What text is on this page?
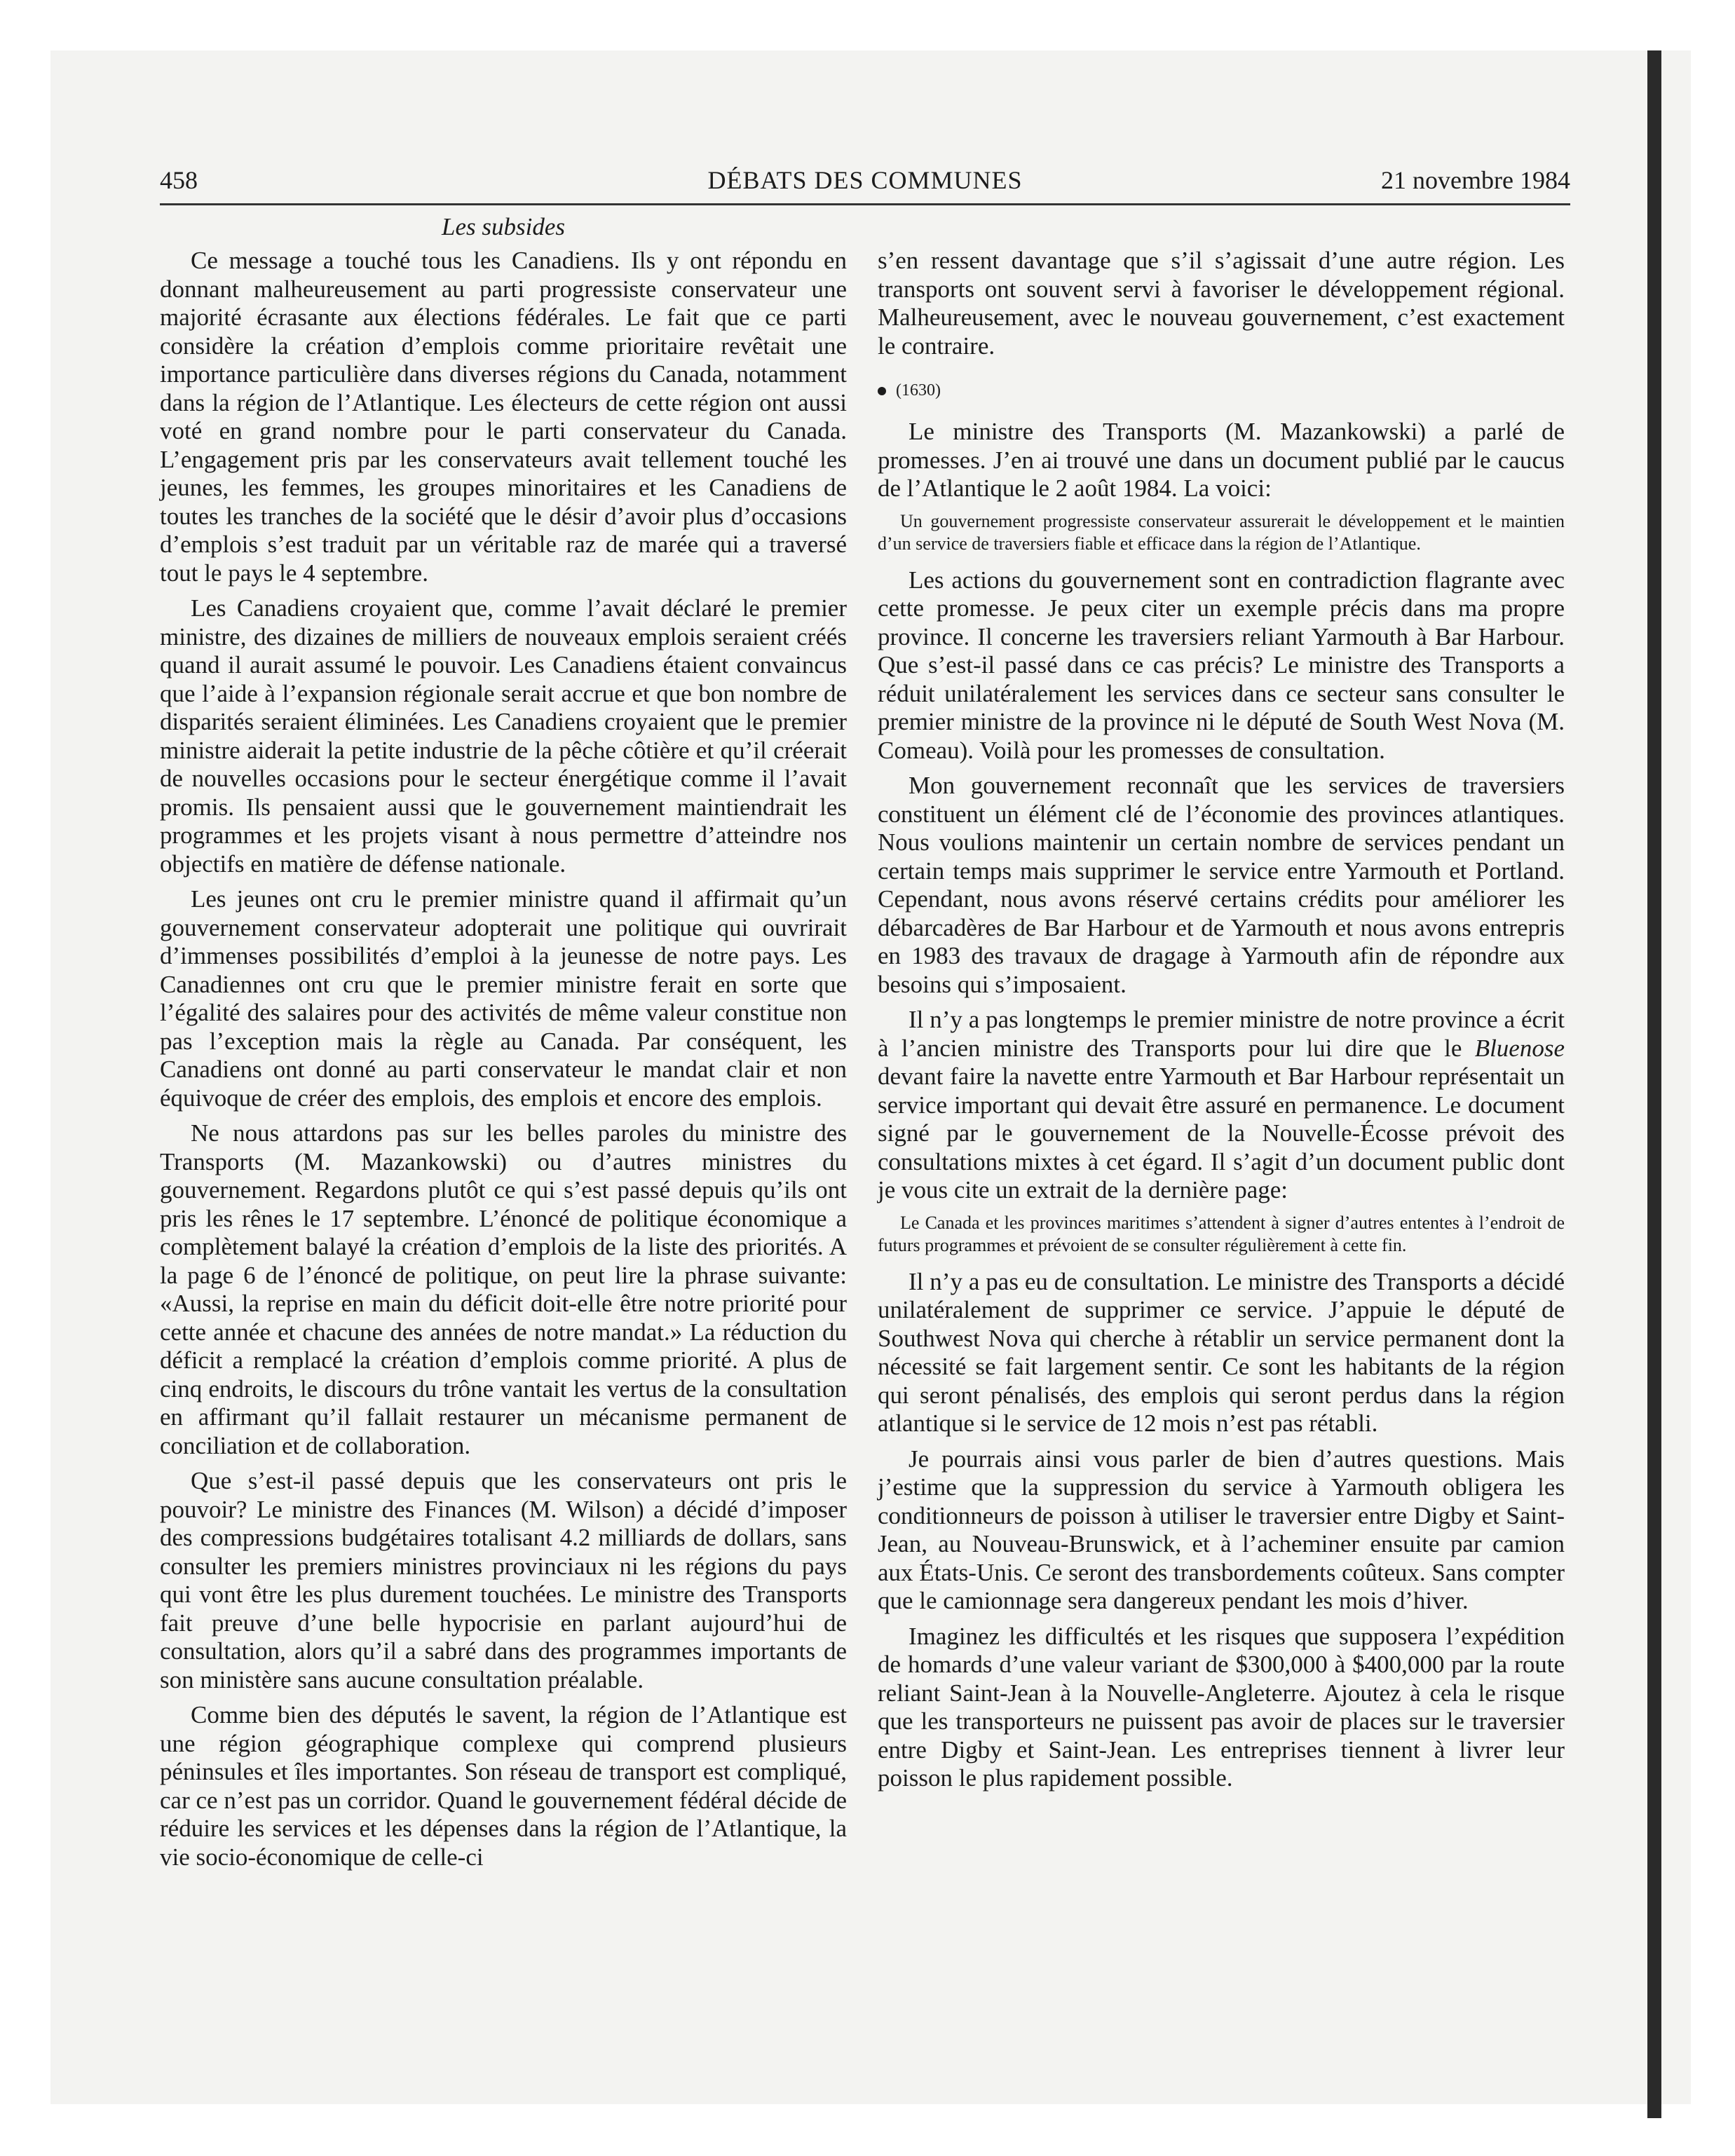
458	DÉBATS DES COMMUNES	21 novembre 1984
Les subsides

Ce message a touché tous les Canadiens. Ils y ont répondu en donnant malheureusement au parti progressiste conservateur une majorité écrasante aux élections fédérales. Le fait que ce parti considère la création d’emplois comme prioritaire revêtait une importance particulière dans diverses régions du Canada, notamment dans la région de l’Atlantique. Les électeurs de cette région ont aussi voté en grand nombre pour le parti conservateur du Canada. L’engagement pris par les conservateurs avait tellement touché les jeunes, les femmes, les groupes minoritaires et les Canadiens de toutes les tranches de la société que le désir d’avoir plus d’occasions d’emplois s’est traduit par un véritable raz de marée qui a traversé tout le pays le 4 septembre.

Les Canadiens croyaient que, comme l’avait déclaré le premier ministre, des dizaines de milliers de nouveaux emplois seraient créés quand il aurait assumé le pouvoir. Les Canadiens étaient convaincus que l’aide à l’expansion régionale serait accrue et que bon nombre de disparités seraient éliminées. Les Canadiens croyaient que le premier ministre aiderait la petite industrie de la pêche côtière et qu’il créerait de nouvelles occasions pour le secteur énergétique comme il l’avait promis. Ils pensaient aussi que le gouvernement maintiendrait les programmes et les projets visant à nous permettre d’atteindre nos objectifs en matière de défense nationale.

Les jeunes ont cru le premier ministre quand il affirmait qu’un gouvernement conservateur adopterait une politique qui ouvrirait d’immenses possibilités d’emploi à la jeunesse de notre pays. Les Canadiennes ont cru que le premier ministre ferait en sorte que l’égalité des salaires pour des activités de même valeur constitue non pas l’exception mais la règle au Canada. Par conséquent, les Canadiens ont donné au parti conservateur le mandat clair et non équivoque de créer des emplois, des emplois et encore des emplois.

Ne nous attardons pas sur les belles paroles du ministre des Transports (M. Mazankowski) ou d’autres ministres du gouvernement. Regardons plutôt ce qui s’est passé depuis qu’ils ont pris les rênes le 17 septembre. L’énoncé de politique économique a complètement balayé la création d’emplois de la liste des priorités. A la page 6 de l’énoncé de politique, on peut lire la phrase suivante: «Aussi, la reprise en main du déficit doit-elle être notre priorité pour cette année et chacune des années de notre mandat.» La réduction du déficit a remplacé la création d’emplois comme priorité. A plus de cinq endroits, le discours du trône vantait les vertus de la consultation en affirmant qu’il fallait restaurer un mécanisme permanent de conciliation et de collaboration.

Que s’est-il passé depuis que les conservateurs ont pris le pouvoir? Le ministre des Finances (M. Wilson) a décidé d’imposer des compressions budgétaires totalisant 4.2 milliards de dollars, sans consulter les premiers ministres provinciaux ni les régions du pays qui vont être les plus durement touchées. Le ministre des Transports fait preuve d’une belle hypocrisie en parlant aujourd’hui de consultation, alors qu’il a sabré dans des programmes importants de son ministère sans aucune consultation préalable.

Comme bien des députés le savent, la région de l’Atlantique est une région géographique complexe qui comprend plusieurs péninsules et îles importantes. Son réseau de transport est compliqué, car ce n’est pas un corridor. Quand le gouvernement fédéral décide de réduire les services et les dépenses dans la région de l’Atlantique, la vie socio-économique de celle-ci

s’en ressent davantage que s’il s’agissait d’une autre région. Les transports ont souvent servi à favoriser le développement régional. Malheureusement, avec le nouveau gouvernement, c’est exactement le contraire.

(1630)

Le ministre des Transports (M. Mazankowski) a parlé de promesses. J’en ai trouvé une dans un document publié par le caucus de l’Atlantique le 2 août 1984. La voici:

Un gouvernement progressiste conservateur assurerait le développement et le maintien d’un service de traversiers fiable et efficace dans la région de l’Atlantique.

Les actions du gouvernement sont en contradiction flagrante avec cette promesse. Je peux citer un exemple précis dans ma propre province. Il concerne les traversiers reliant Yarmouth à Bar Harbour. Que s’est-il passé dans ce cas précis? Le ministre des Transports a réduit unilatéralement les services dans ce secteur sans consulter le premier ministre de la province ni le député de South West Nova (M. Comeau). Voilà pour les promesses de consultation.

Mon gouvernement reconnaît que les services de traversiers constituent un élément clé de l’économie des provinces atlantiques. Nous voulions maintenir un certain nombre de services pendant un certain temps mais supprimer le service entre Yarmouth et Portland. Cependant, nous avons réservé certains crédits pour améliorer les débarcadères de Bar Harbour et de Yarmouth et nous avons entrepris en 1983 des travaux de dragage à Yarmouth afin de répondre aux besoins qui s’imposaient.

Il n’y a pas longtemps le premier ministre de notre province a écrit à l’ancien ministre des Transports pour lui dire que le Bluenose devant faire la navette entre Yarmouth et Bar Harbour représentait un service important qui devait être assuré en permanence. Le document signé par le gouvernement de la Nouvelle-Écosse prévoit des consultations mixtes à cet égard. Il s’agit d’un document public dont je vous cite un extrait de la dernière page:

Le Canada et les provinces maritimes s’attendent à signer d’autres ententes à l’endroit de futurs programmes et prévoient de se consulter régulièrement à cette fin.

Il n’y a pas eu de consultation. Le ministre des Transports a décidé unilatéralement de supprimer ce service. J’appuie le député de Southwest Nova qui cherche à rétablir un service permanent dont la nécessité se fait largement sentir. Ce sont les habitants de la région qui seront pénalisés, des emplois qui seront perdus dans la région atlantique si le service de 12 mois n’est pas rétabli.

Je pourrais ainsi vous parler de bien d’autres questions. Mais j’estime que la suppression du service à Yarmouth obligera les conditionneurs de poisson à utiliser le traversier entre Digby et Saint-Jean, au Nouveau-Brunswick, et à l’acheminer ensuite par camion aux États-Unis. Ce seront des transbordements coûteux. Sans compter que le camionnage sera dangereux pendant les mois d’hiver.

Imaginez les difficultés et les risques que supposera l’expédition de homards d’une valeur variant de $300,000 à $400,000 par la route reliant Saint-Jean à la Nouvelle-Angleterre. Ajoutez à cela le risque que les transporteurs ne puissent pas avoir de places sur le traversier entre Digby et Saint-Jean. Les entreprises tiennent à livrer leur poisson le plus rapidement possible.
